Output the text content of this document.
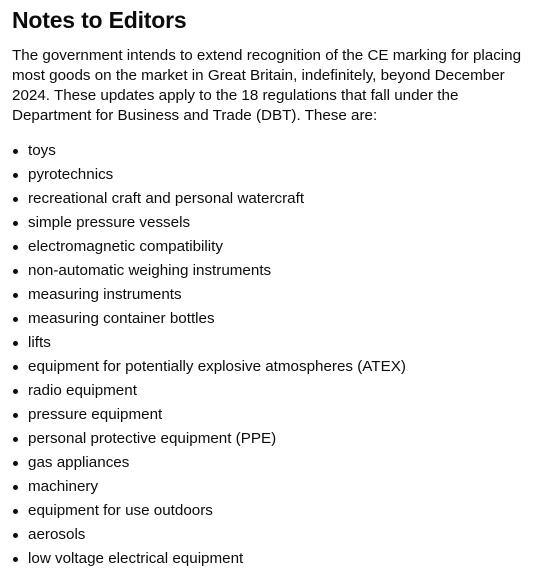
Notes to Editors

The government intends to extend recognition of the CE marking for placing most goods on the market in Great Britain, indefinitely, beyond December 2024. These updates apply to the 18 regulations that fall under the Department for Business and Trade (DBT). These are:

toys
pyrotechnics
recreational craft and personal watercraft
simple pressure vessels
electromagnetic compatibility
non-automatic weighing instruments
measuring instruments
measuring container bottles
lifts
equipment for potentially explosive atmospheres (ATEX)
radio equipment
pressure equipment
personal protective equipment (PPE)
gas appliances
machinery
equipment for use outdoors
aerosols
low voltage electrical equipment
